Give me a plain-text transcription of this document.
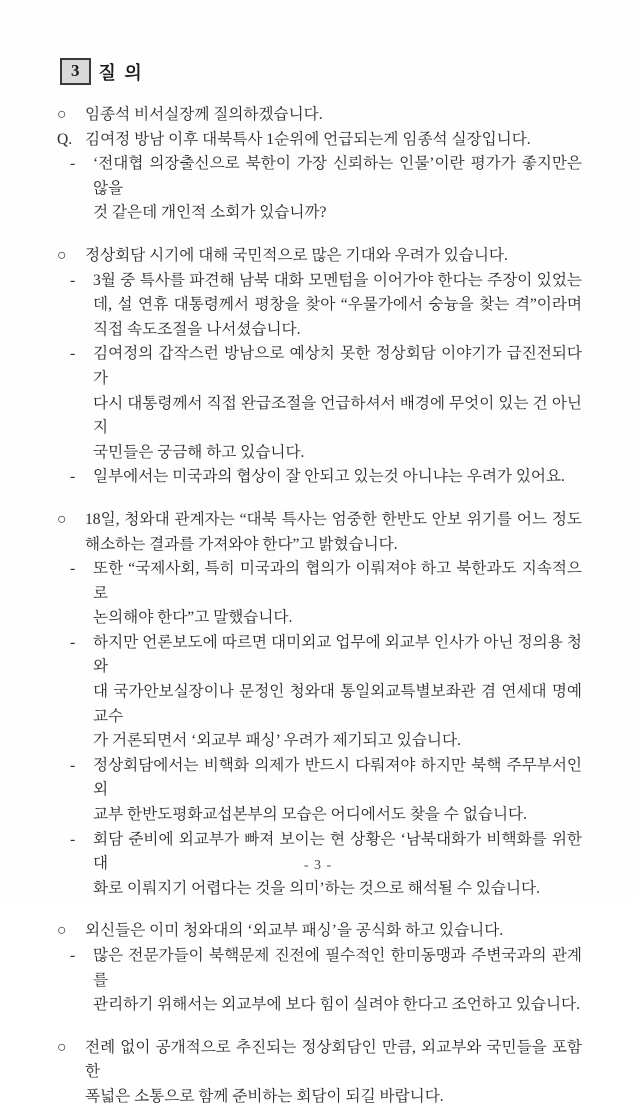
3	질 의
○	임종석 비서실장께 질의하겠습니다.
Q. 김여정 방남 이후 대북특사 1순위에 언급되는게 임종석 실장입니다.
-	‘전대협 의장출신으로 북한이 가장 신뢰하는 인물’이란 평가가 좋지만은 않을
것 같은데 개인적 소회가 있습니까?
○	정상회담 시기에 대해 국민적으로 많은 기대와 우려가 있습니다.
-	3월 중 특사를 파견해 남북 대화 모멘텀을 이어가야 한다는 주장이 있었는
데, 설 연휴 대통령께서 평창을 찾아 “우물가에서 숭늉을 찾는 격”이라며
직접 속도조절을 나서셨습니다.
-	김여정의 갑작스런 방남으로 예상치 못한 정상회담 이야기가 급진전되다가
다시 대통령께서 직접 완급조절을 언급하셔서 배경에 무엇이 있는 건 아닌지
국민들은 궁금해 하고 있습니다.
-	일부에서는 미국과의 협상이 잘 안되고 있는것 아니냐는 우려가 있어요.
○	18일, 청와대 관계자는 “대북 특사는 엄중한 한반도 안보 위기를 어느 정도
해소하는 결과를 가져와야 한다”고 밝혔습니다.
-	또한 “국제사회, 특히 미국과의 협의가 이뤄져야 하고 북한과도 지속적으로
논의해야 한다”고 말했습니다.
-	하지만 언론보도에 따르면 대미외교 업무에 외교부 인사가 아닌 정의용 청와
대 국가안보실장이나 문정인 청와대 통일외교특별보좌관 겸 연세대 명예교수
가 거론되면서 ‘외교부 패싱’ 우려가 제기되고 있습니다.
-	정상회담에서는 비핵화 의제가 반드시 다뤄져야 하지만 북핵 주무부서인 외
교부 한반도평화교섭본부의 모습은 어디에서도 찾을 수 없습니다.
-	회담 준비에 외교부가 빠져 보이는 현 상황은 ‘남북대화가 비핵화를 위한 대
화로 이뤄지기 어렵다는 것을 의미’하는 것으로 해석될 수 있습니다.
○	외신들은 이미 청와대의 ‘외교부 패싱’을 공식화 하고 있습니다.
-	많은 전문가들이 북핵문제 진전에 필수적인 한미동맹과 주변국과의 관계를
관리하기 위해서는 외교부에 보다 힘이 실려야 한다고 조언하고 있습니다.
○	전례 없이 공개적으로 추진되는 정상회담인 만큼, 외교부와 국민들을 포함한
폭넓은 소통으로 함께 준비하는 회담이 되길 바랍니다.
- 3 -
